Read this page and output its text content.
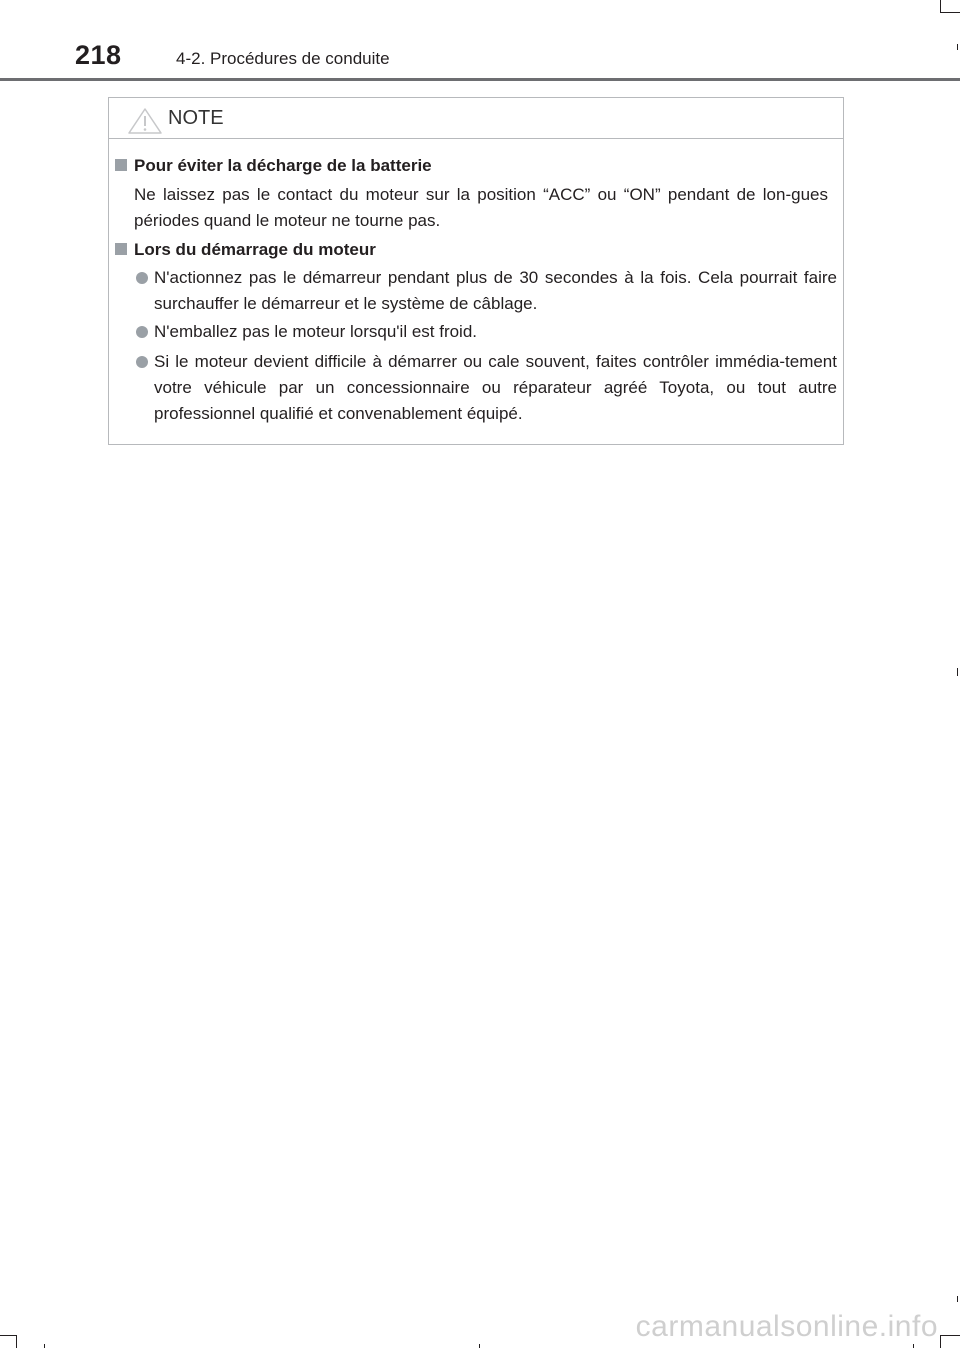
218	4-2. Procédures de conduite
NOTE
Pour éviter la décharge de la batterie
Ne laissez pas le contact du moteur sur la position “ACC” ou “ON” pendant de lon-gues périodes quand le moteur ne tourne pas.
Lors du démarrage du moteur
N'actionnez pas le démarreur pendant plus de 30 secondes à la fois. Cela pourrait faire surchauffer le démarreur et le système de câblage.
N'emballez pas le moteur lorsqu'il est froid.
Si le moteur devient difficile à démarrer ou cale souvent, faites contrôler immédia-tement votre véhicule par un concessionnaire ou réparateur agréé Toyota, ou tout autre professionnel qualifié et convenablement équipé.
carmanualsonline.info
